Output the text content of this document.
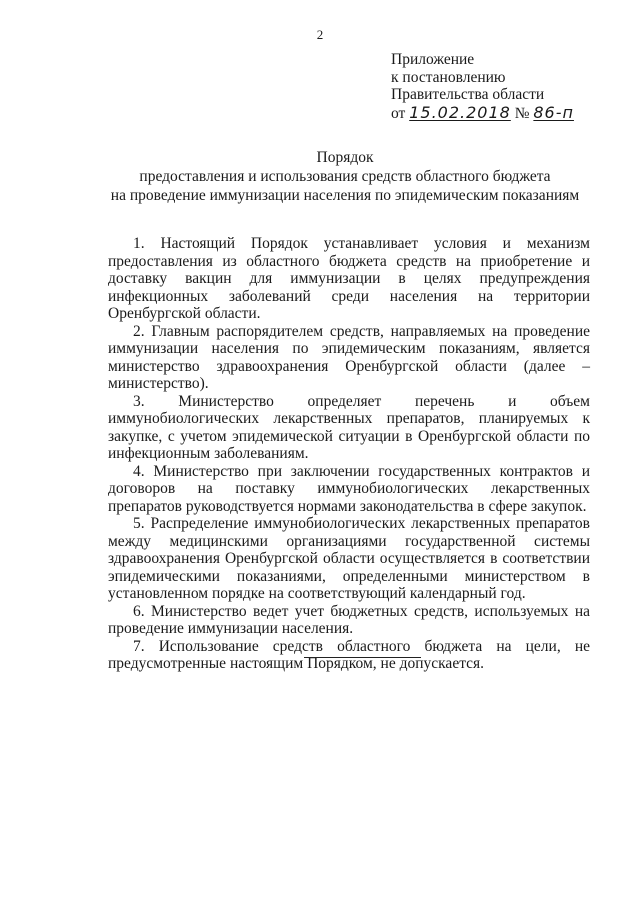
2
Приложение
к постановлению
Правительства области
от 15.02.2018 № 86-п
Порядок
предоставления и использования средств областного бюджета
на проведение иммунизации населения по эпидемическим показаниям

1. Настоящий Порядок устанавливает условия и механизм предоставления из областного бюджета средств на приобретение и доставку вакцин для иммунизации в целях предупреждения инфекционных заболеваний среди населения на территории Оренбургской области.

2. Главным распорядителем средств, направляемых на проведение иммунизации населения по эпидемическим показаниям, является министерство здравоохранения Оренбургской области (далее – министерство).

3. Министерство определяет перечень и объем иммунобиологических лекарственных препаратов, планируемых к закупке, с учетом эпидемической ситуации в Оренбургской области по инфекционным заболеваниям.

4. Министерство при заключении государственных контрактов и договоров на поставку иммунобиологических лекарственных препаратов руководствуется нормами законодательства в сфере закупок.

5. Распределение иммунобиологических лекарственных препаратов между медицинскими организациями государственной системы здравоохранения Оренбургской области осуществляется в соответствии эпидемическими показаниями, определенными министерством в установленном порядке на соответствующий календарный год.

6. Министерство ведет учет бюджетных средств, используемых на проведение иммунизации населения.

7. Использование средств областного бюджета на цели, не предусмотренные настоящим Порядком, не допускается.
